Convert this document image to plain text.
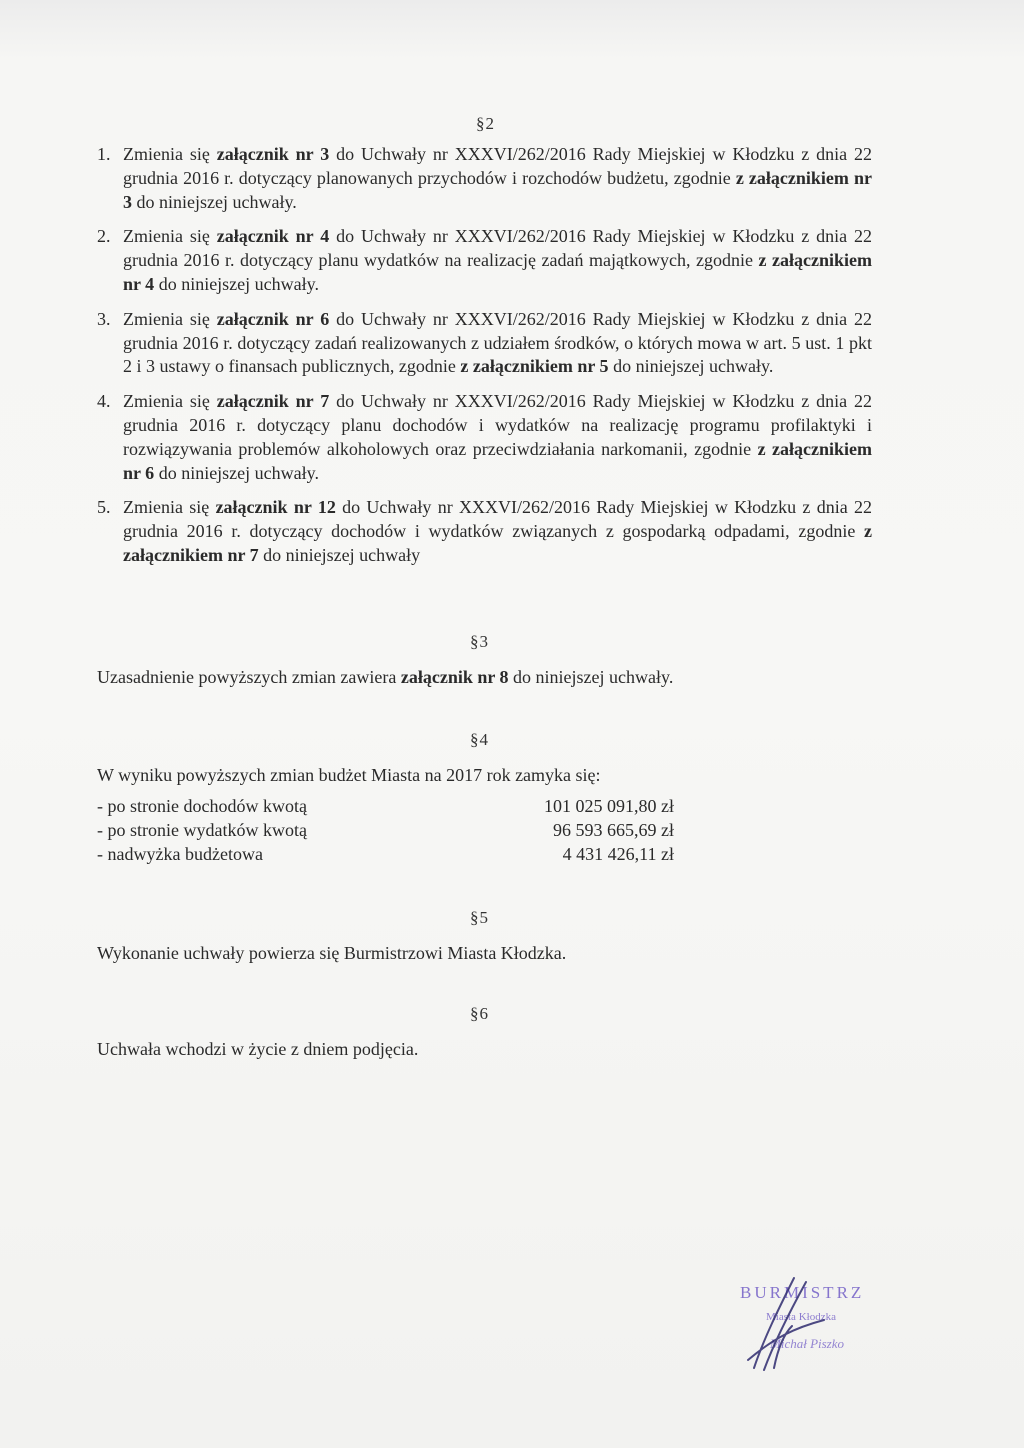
§2
1. Zmienia się załącznik nr 3 do Uchwały nr XXXVI/262/2016 Rady Miejskiej w Kłodzku z dnia 22 grudnia 2016 r. dotyczący planowanych przychodów i rozchodów budżetu, zgodnie z załącznikiem nr 3 do niniejszej uchwały.
2. Zmienia się załącznik nr 4 do Uchwały nr XXXVI/262/2016 Rady Miejskiej w Kłodzku z dnia 22 grudnia 2016 r. dotyczący planu wydatków na realizację zadań majątkowych, zgodnie z załącznikiem nr 4 do niniejszej uchwały.
3. Zmienia się załącznik nr 6 do Uchwały nr XXXVI/262/2016 Rady Miejskiej w Kłodzku z dnia 22 grudnia 2016 r. dotyczący zadań realizowanych z udziałem środków, o których mowa w art. 5 ust. 1 pkt 2 i 3 ustawy o finansach publicznych, zgodnie z załącznikiem nr 5 do niniejszej uchwały.
4. Zmienia się załącznik nr 7 do Uchwały nr XXXVI/262/2016 Rady Miejskiej w Kłodzku z dnia 22 grudnia 2016 r. dotyczący planu dochodów i wydatków na realizację programu profilaktyki i rozwiązywania problemów alkoholowych oraz przeciwdziałania narkomanii, zgodnie z załącznikiem nr 6 do niniejszej uchwały.
5. Zmienia się załącznik nr 12 do Uchwały nr XXXVI/262/2016 Rady Miejskiej w Kłodzku z dnia 22 grudnia 2016 r. dotyczący dochodów i wydatków związanych z gospodarką odpadami, zgodnie z załącznikiem nr 7 do niniejszej uchwały
§3
Uzasadnienie powyższych zmian zawiera załącznik nr 8 do niniejszej uchwały.
§4
W wyniku powyższych zmian budżet Miasta na 2017 rok zamyka się:
- po stronie dochodów kwotą	101 025 091,80 zł
- po stronie wydatków kwotą	96 593 665,69 zł
- nadwyżka budżetowa	4 431 426,11 zł
§5
Wykonanie uchwały powierza się Burmistrzowi Miasta Kłodzka.
§6
Uchwała wchodzi w życie z dniem podjęcia.
BURMISTRZ
Miasta Kłodzka
Michał Piszko
